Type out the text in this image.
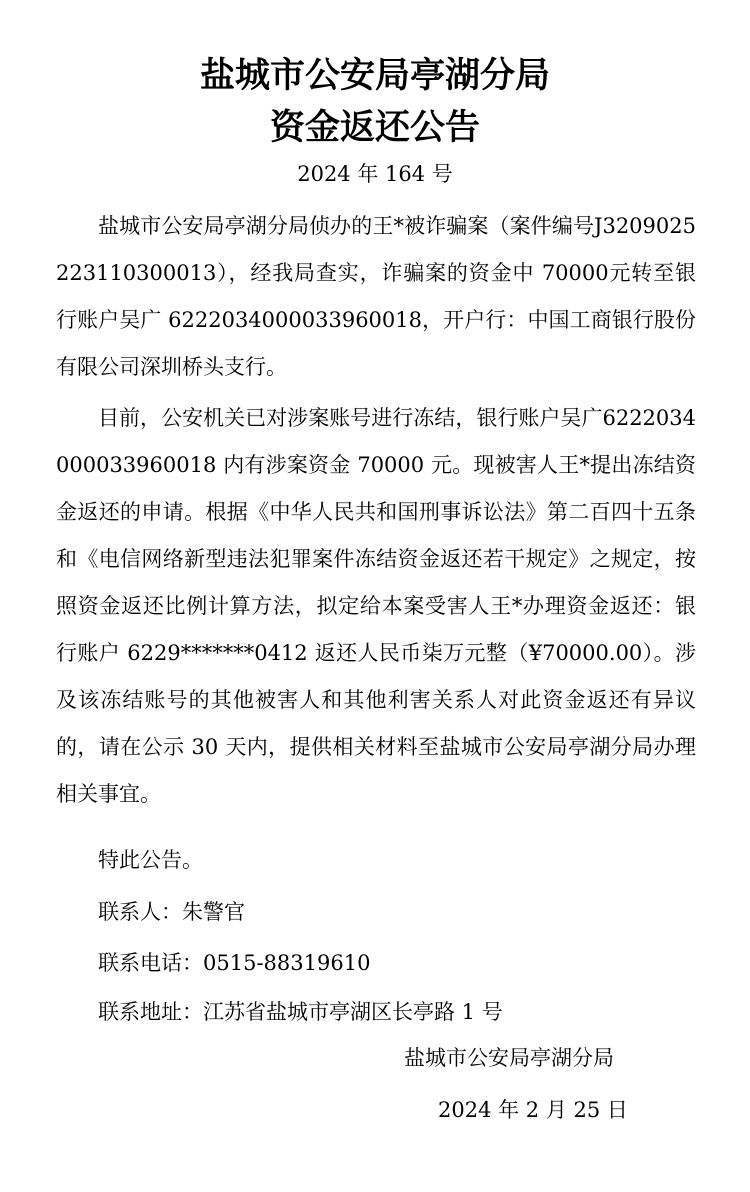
盐城市公安局亭湖分局
资金返还公告
2024 年 164 号

盐城市公安局亭湖分局侦办的王*被诈骗案（案件编号J3209025223110300013），经我局查实，诈骗案的资金中 70000元转至银行账户吴广 6222034000033960018，开户行：中国工商银行股份有限公司深圳桥头支行。

目前，公安机关已对涉案账号进行冻结，银行账户吴广6222034000033960018 内有涉案资金 70000 元。现被害人王*提出冻结资金返还的申请。根据《中华人民共和国刑事诉讼法》第二百四十五条和《电信网络新型违法犯罪案件冻结资金返还若干规定》之规定，按照资金返还比例计算方法，拟定给本案受害人王*办理资金返还：银行账户 6229*******0412 返还人民币柒万元整（¥70000.00）。涉及该冻结账号的其他被害人和其他利害关系人对此资金返还有异议的，请在公示 30 天内，提供相关材料至盐城市公安局亭湖分局办理相关事宜。

特此公告。
联系人：朱警官
联系电话：0515-88319610
联系地址：江苏省盐城市亭湖区长亭路 1 号
盐城市公安局亭湖分局
2024 年 2 月 25 日
